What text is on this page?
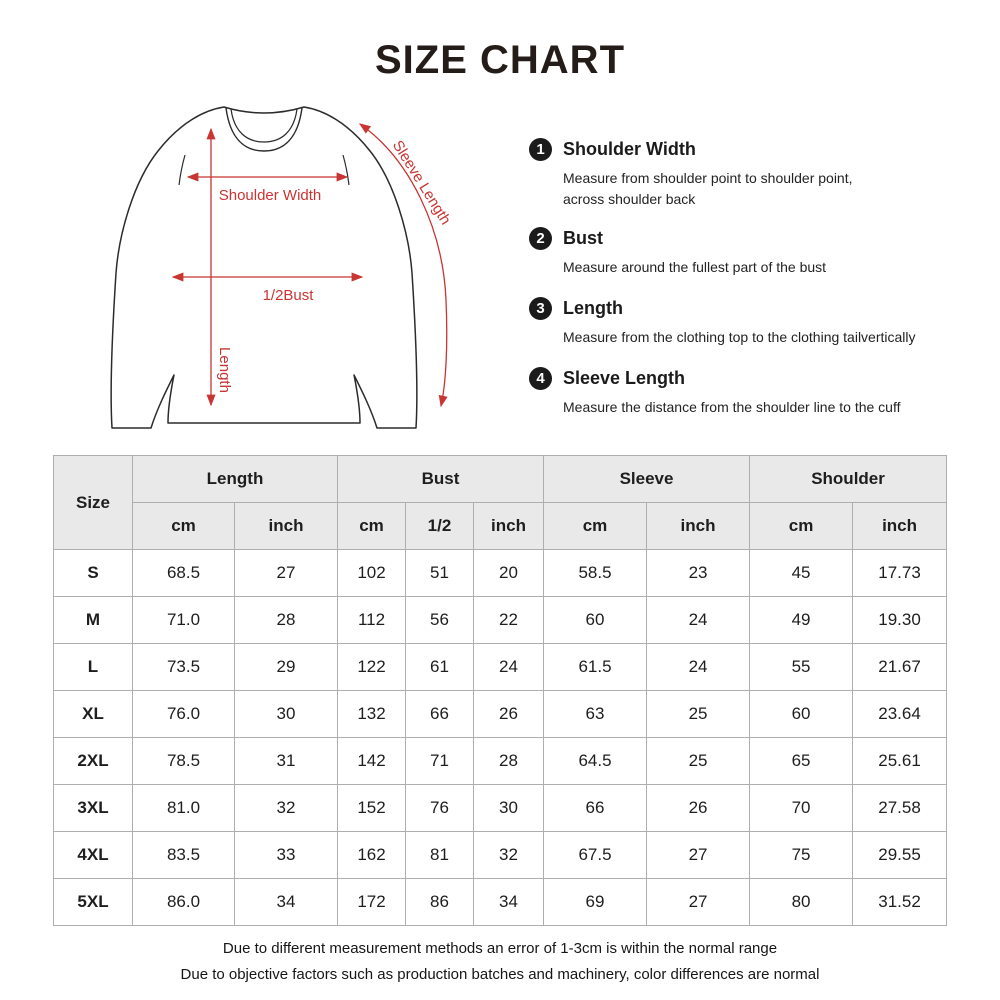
SIZE CHART
Shoulder Width
1/2Bust
Length
Sleeve Length	1	Shoulder Width
Measure from shoulder point to shoulder point,
across shoulder back
2	Bust
Measure around the fullest part of the bust
3	Length
Measure from the clothing top to the clothing tailvertically
4	Sleeve Length
Measure the distance from the shoulder line to the cuff
Size	Length		Bust			Sleeve		Shoulder	
	cm	inch	cm	1/2	inch	cm	inch	cm	inch
S	68.5	27	102	51	20	58.5	23	45	17.73
M	71.0	28	112	56	22	60	24	49	19.30
L	73.5	29	122	61	24	61.5	24	55	21.67
XL	76.0	30	132	66	26	63	25	60	23.64
2XL	78.5	31	142	71	28	64.5	25	65	25.61
3XL	81.0	32	152	76	30	66	26	70	27.58
4XL	83.5	33	162	81	32	67.5	27	75	29.55
5XL	86.0	34	172	86	34	69	27	80	31.52
Due to different measurement methods an error of 1-3cm is within the normal range
Due to objective factors such as production batches and machinery, color differences are normal
